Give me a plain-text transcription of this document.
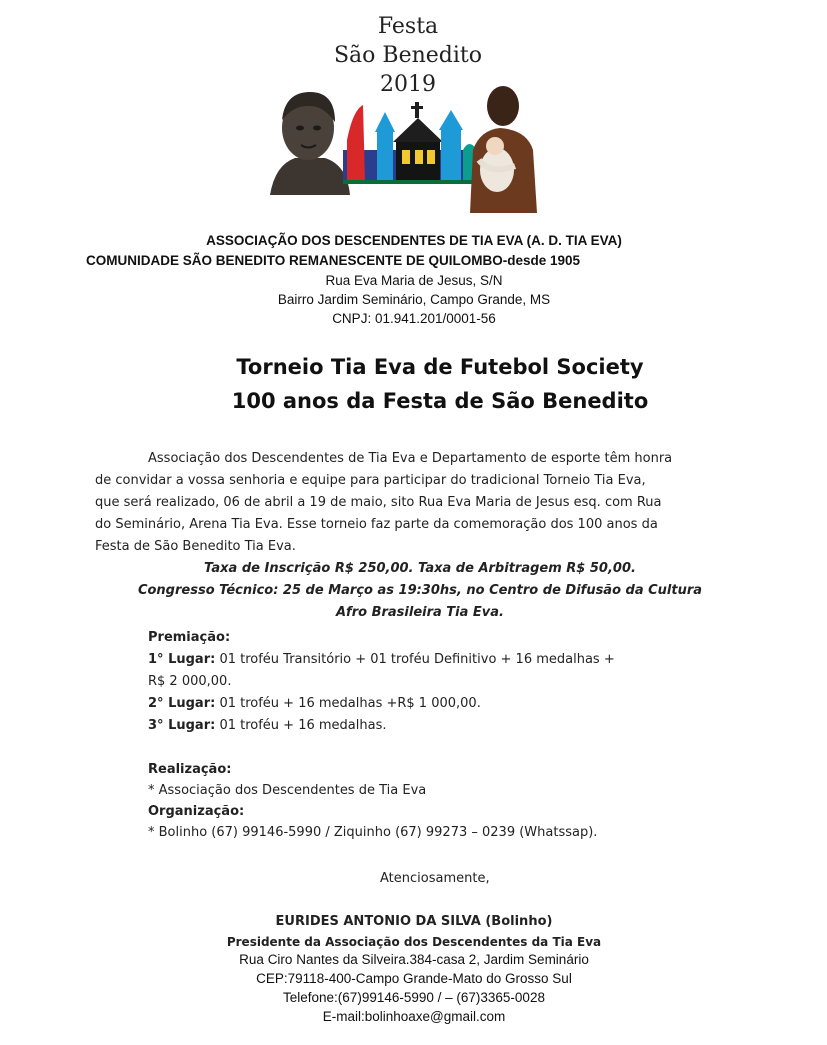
Festa
São Benedito
2019
ASSOCIAÇÃO DOS DESCENDENTES DE TIA EVA (A. D. TIA EVA)
COMUNIDADE SÃO BENEDITO REMANESCENTE DE QUILOMBO-desde 1905
Rua Eva Maria de Jesus, S/N
Bairro Jardim Seminário, Campo Grande, MS
CNPJ: 01.941.201/0001-56
Torneio Tia Eva de Futebol Society
100 anos da Festa de São Benedito
Associação dos Descendentes de Tia Eva e Departamento de esporte têm honra
de convidar a vossa senhoria e equipe para participar do tradicional Torneio Tia Eva,
que será realizado, 06 de abril a 19 de maio, sito Rua Eva Maria de Jesus esq. com Rua
do Seminário, Arena Tia Eva. Esse torneio faz parte da comemoração dos 100 anos da
Festa de São Benedito Tia Eva.
Taxa de Inscrição R$ 250,00. Taxa de Arbitragem R$ 50,00.
Congresso Técnico: 25 de Março as 19:30hs, no Centro de Difusão da Cultura
Afro Brasileira Tia Eva.
Premiação:
1° Lugar: 01 troféu Transitório + 01 troféu Definitivo + 16 medalhas +
R$ 2 000,00.
2° Lugar: 01 troféu + 16 medalhas +R$ 1 000,00.
3° Lugar: 01 troféu + 16 medalhas.
Realização:
* Associação dos Descendentes de Tia Eva
Organização:
* Bolinho (67) 99146-5990 / Ziquinho (67) 99273 – 0239 (Whatssap).
Atenciosamente,
EURIDES ANTONIO DA SILVA (Bolinho)
Presidente da Associação dos Descendentes da Tia Eva
Rua Ciro Nantes da Silveira.384-casa 2, Jardim Seminário
CEP:79118-400-Campo Grande-Mato do Grosso Sul
Telefone:(67)99146-5990 / – (67)3365-0028
E-mail:bolinhoaxe@gmail.com
